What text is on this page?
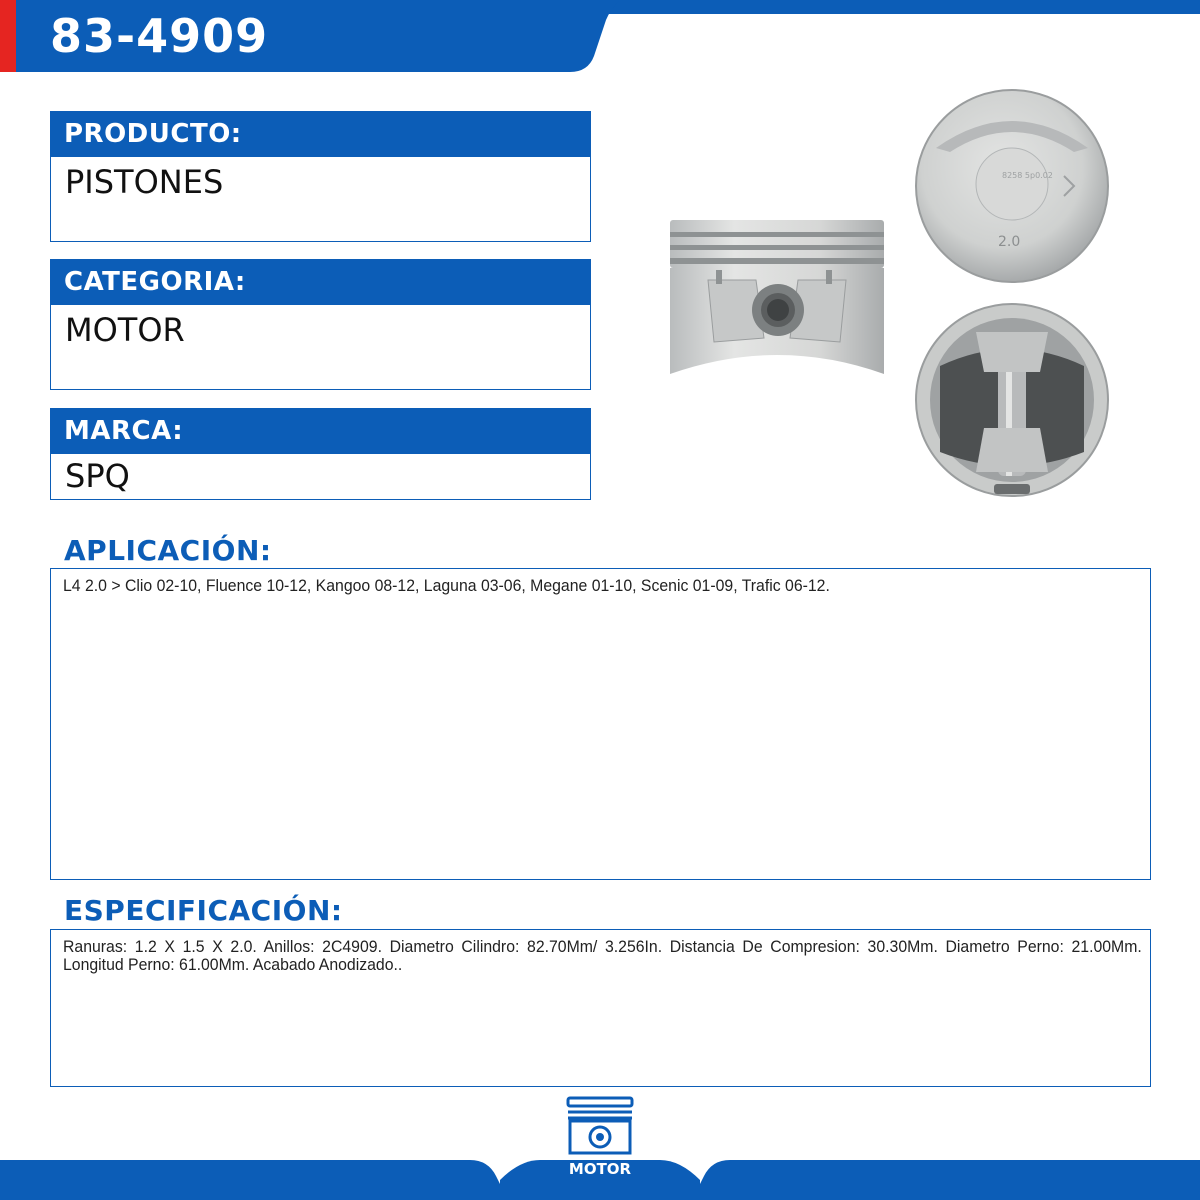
83-4909
PRODUCTO:
PISTONES
CATEGORIA:
MOTOR
MARCA:
SPQ
8258 5p0.02
2.0
APLICACIÓN:
L4 2.0 > Clio 02-10, Fluence 10-12, Kangoo 08-12, Laguna 03-06, Megane 01-10, Scenic 01-09, Trafic 06-12.
ESPECIFICACIÓN:
Ranuras: 1.2 X 1.5 X 2.0. Anillos: 2C4909. Diametro Cilindro: 82.70Mm/ 3.256In. Distancia De Compresion: 30.30Mm. Diametro Perno: 21.00Mm. Longitud Perno: 61.00Mm. Acabado Anodizado..
MOTOR
